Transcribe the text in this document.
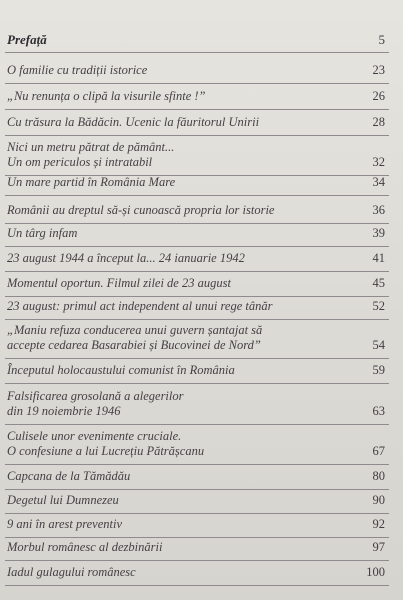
Prefață	5
O familie cu tradiții istorice	23
„Nu renunța o clipă la visurile sfinte !”	26
Cu trăsura la Bădăcin. Ucenic la făuritorul Unirii	28
Nici un metru pătrat de pământ...
Un om periculos și intratabil	32
Un mare partid în România Mare	34
Românii au dreptul să-și cunoască propria lor istorie	36
Un târg infam	39
23 august 1944 a început la... 24 ianuarie 1942	41
Momentul oportun. Filmul zilei de 23 august	45
23 august: primul act independent al unui rege tânăr	52
„Maniu refuza conducerea unui guvern șantajat să
accepte cedarea Basarabiei și Bucovinei de Nord”	54
Începutul holocaustului comunist în România	59
Falsificarea grosolană a alegerilor
din 19 noiembrie 1946	63
Culisele unor evenimente cruciale.
O confesiune a lui Lucrețiu Pătrășcanu	67
Capcana de la Tămădău	80
Degetul lui Dumnezeu	90
9 ani în arest preventiv	92
Morbul românesc al dezbinării	97
Iadul gulagului românesc	100
